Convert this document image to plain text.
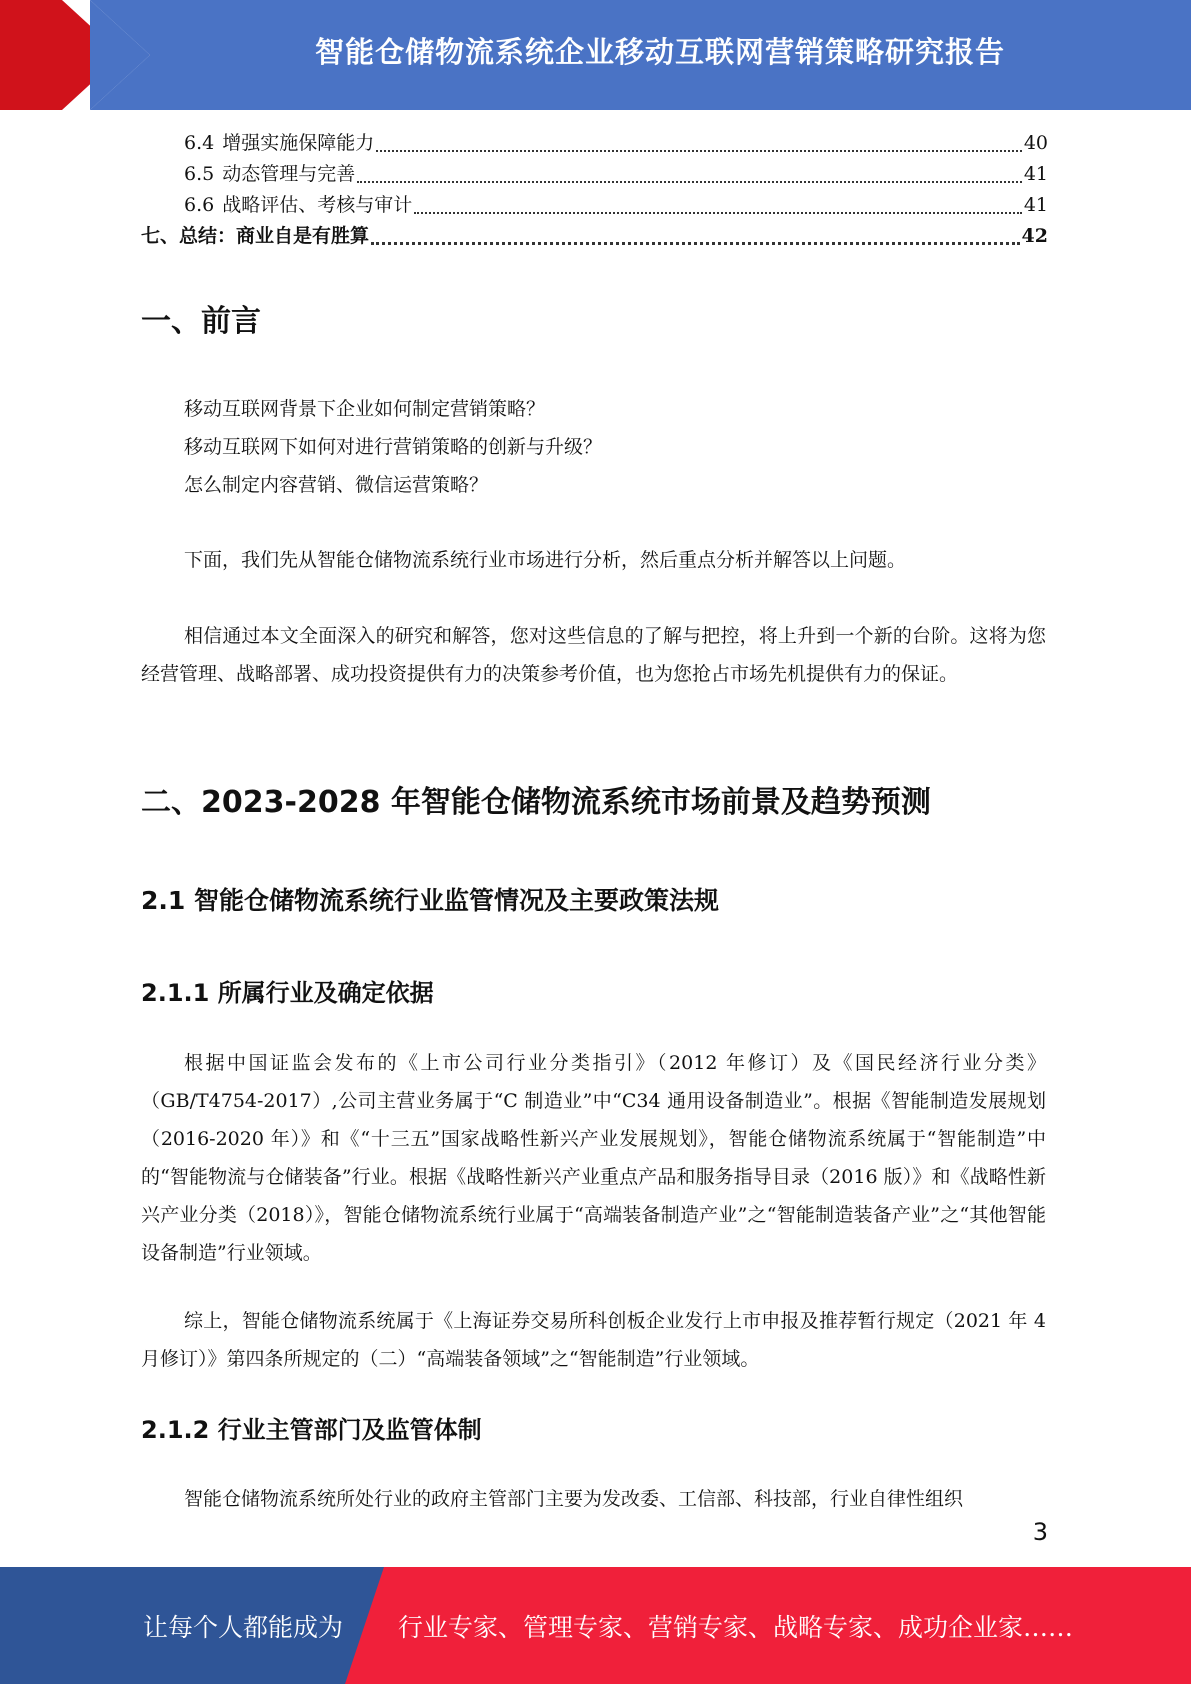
智能仓储物流系统企业移动互联网营销策略研究报告
6.4 增强实施保障能力	40
6.5 动态管理与完善	41
6.6 战略评估、考核与审计	41
七、总结：商业自是有胜算	42
一、前言
移动互联网背景下企业如何制定营销策略？
移动互联网下如何对进行营销策略的创新与升级？
怎么制定内容营销、微信运营策略？
下面，我们先从智能仓储物流系统行业市场进行分析，然后重点分析并解答以上问题。
相信通过本文全面深入的研究和解答，您对这些信息的了解与把控，将上升到一个新的台阶。这将为您经营管理、战略部署、成功投资提供有力的决策参考价值，也为您抢占市场先机提供有力的保证。
二、2023-2028 年智能仓储物流系统市场前景及趋势预测
2.1 智能仓储物流系统行业监管情况及主要政策法规
2.1.1 所属行业及确定依据
根据中国证监会发布的《上市公司行业分类指引》（2012 年修订）及《国民经济行业分类》（GB/T4754-2017）,公司主营业务属于“C 制造业”中“C34 通用设备制造业”。根据《智能制造发展规划（2016-2020 年）》和《“十三五”国家战略性新兴产业发展规划》，智能仓储物流系统属于“智能制造”中的“智能物流与仓储装备”行业。根据《战略性新兴产业重点产品和服务指导目录（2016 版）》和《战略性新兴产业分类（2018）》，智能仓储物流系统行业属于“高端装备制造产业”之“智能制造装备产业”之“其他智能设备制造”行业领域。
综上，智能仓储物流系统属于《上海证券交易所科创板企业发行上市申报及推荐暂行规定（2021 年 4 月修订）》第四条所规定的（二）“高端装备领域”之“智能制造”行业领域。
2.1.2 行业主管部门及监管体制
智能仓储物流系统所处行业的政府主管部门主要为发改委、工信部、科技部，行业自律性组织
3
让每个人都能成为 行业专家、管理专家、营销专家、战略专家、成功企业家……
